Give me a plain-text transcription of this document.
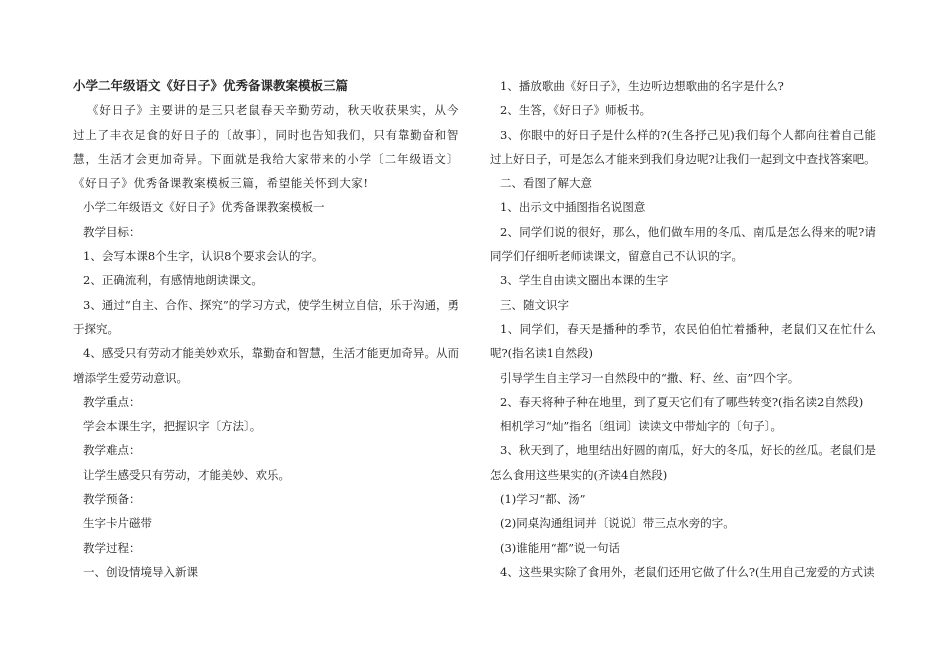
小学二年级语文《好日子》优秀备课教案模板三篇

《好日子》主要讲的是三只老鼠春天辛勤劳动，秋天收获果实，从今过上了丰衣足食的好日子的〔故事〕，同时也告知我们，只有靠勤奋和智慧，生活才会更加奇异。下面就是我给大家带来的小学〔二年级语文〕《好日子》优秀备课教案模板三篇，希望能关怀到大家!

小学二年级语文《好日子》优秀备课教案模板一

教学目标：

1、会写本课8个生字，认识8个要求会认的字。

2、正确流利，有感情地朗读课文。

3、通过“自主、合作、探究”的学习方式，使学生树立自信，乐于沟通，勇于探究。

4、感受只有劳动才能美妙欢乐，靠勤奋和智慧，生活才能更加奇异。从而增添学生爱劳动意识。

教学重点：

学会本课生字，把握识字〔方法〕。

教学难点：

让学生感受只有劳动，才能美妙、欢乐。

教学预备：

生字卡片磁带

教学过程：

一、创设情境导入新课

1、播放歌曲《好日子》，生边听边想歌曲的名字是什么?

2、生答，《好日子》师板书。

3、你眼中的好日子是什么样的?(生各抒己见)我们每个人都向往着自己能过上好日子，可是怎么才能来到我们身边呢?让我们一起到文中查找答案吧。

二、看图了解大意

1、出示文中插图指名说图意

2、同学们说的很好，那么，他们做车用的冬瓜、南瓜是怎么得来的呢?请同学们仔细听老师读课文，留意自己不认识的字。

3、学生自由读文圈出本课的生字

三、随文识字

1、同学们，春天是播种的季节，农民伯伯忙着播种，老鼠们又在忙什么呢?(指名读1自然段)

引导学生自主学习一自然段中的“撒、籽、丝、亩”四个字。

2、春天将种子种在地里，到了夏天它们有了哪些转变?(指名读2自然段)

相机学习“灿”指名〔组词〕读读文中带灿字的〔句子〕。

3、秋天到了，地里结出好圆的南瓜，好大的冬瓜，好长的丝瓜。老鼠们是怎么食用这些果实的(齐读4自然段)

(1)学习“都、汤”

(2)同桌沟通组词并〔说说〕带三点水旁的字。

(3)谁能用“都”说一句话

4、这些果实除了食用外，老鼠们还用它做了什么?(生用自己宠爱的方式读
